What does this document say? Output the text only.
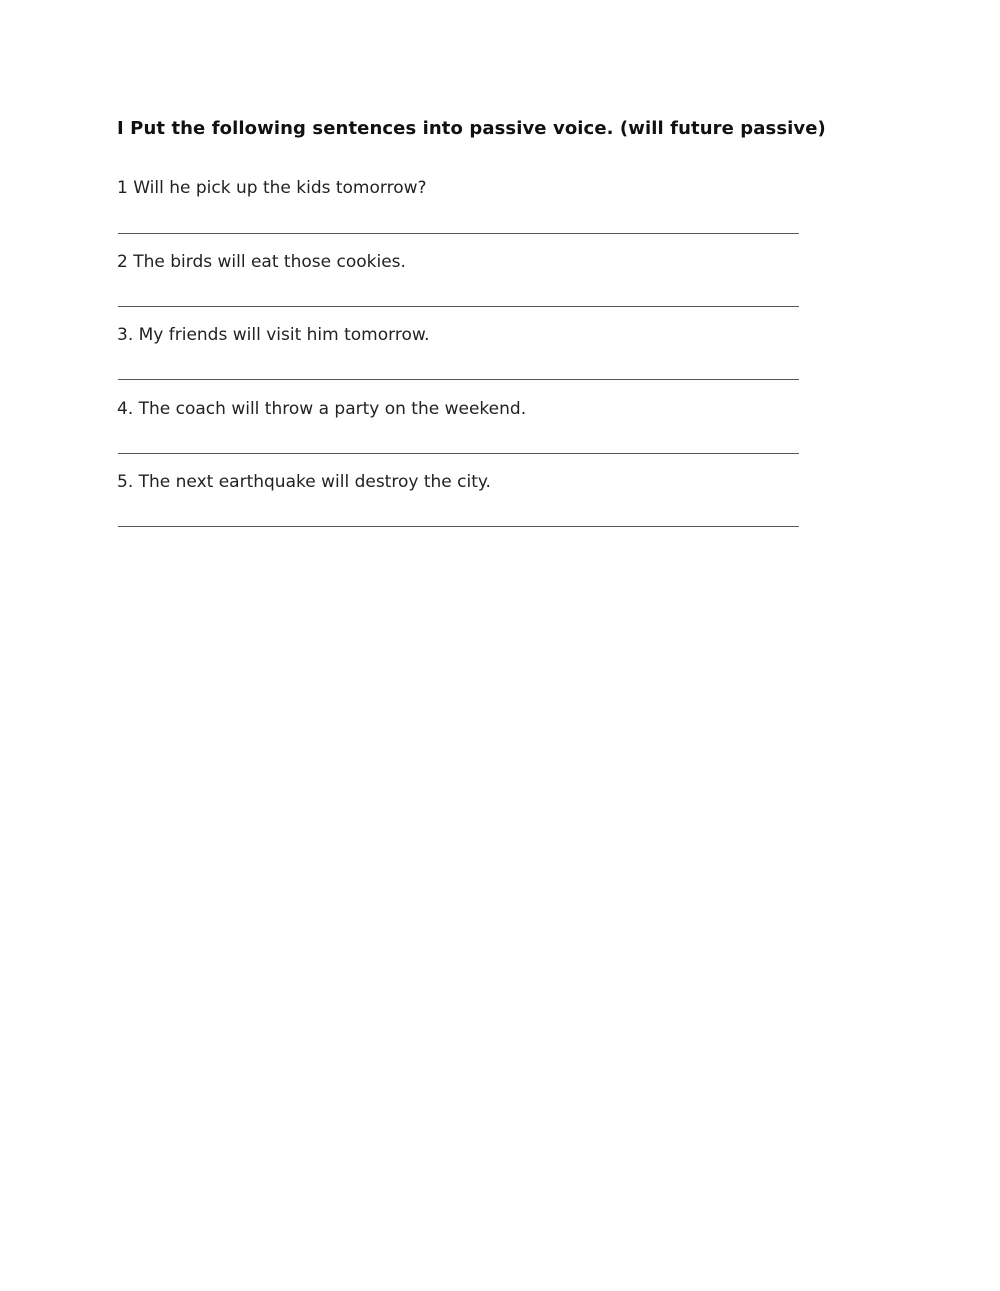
I Put the following sentences into passive voice. (will future passive)
1 Will he pick up the kids tomorrow?
2 The birds will eat those cookies.
3. My friends will visit him tomorrow.
4. The coach will throw a party on the weekend.
5. The next earthquake will destroy the city.
